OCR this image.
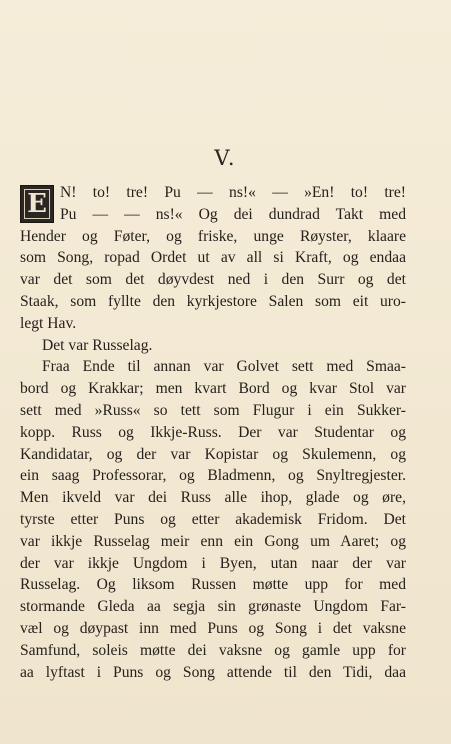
V.
E N! to! tre! Pu — ns!« — »En! to! tre!
Pu — — ns!« Og dei dundrad Takt med
Hender og Føter, og friske, unge Røyster, klaare
som Song, ropad Ordet ut av all si Kraft, og endaa
var det som det døyvdest ned i den Surr og det
Staak, som fyllte den kyrkjestore Salen som eit uro-
legt Hav.
Det var Russelag.
Fraa Ende til annan var Golvet sett med Smaa-
bord og Krakkar; men kvart Bord og kvar Stol var
sett med »Russ« so tett som Flugur i ein Sukker-
kopp. Russ og Ikkje-Russ. Der var Studentar og
Kandidatar, og der var Kopistar og Skulemenn, og
ein saag Professorar, og Bladmenn, og Snyltregjester.
Men ikveld var dei Russ alle ihop, glade og øre,
tyrste etter Puns og etter akademisk Fridom. Det
var ikkje Russelag meir enn ein Gong um Aaret; og
der var ikkje Ungdom i Byen, utan naar der var
Russelag. Og liksom Russen møtte upp for med
stormande Gleda aa segja sin grønaste Ungdom Far-
væl og døypast inn med Puns og Song i det vaksne
Samfund, soleis møtte dei vaksne og gamle upp for
aa lyftast i Puns og Song attende til den Tidi, daa
